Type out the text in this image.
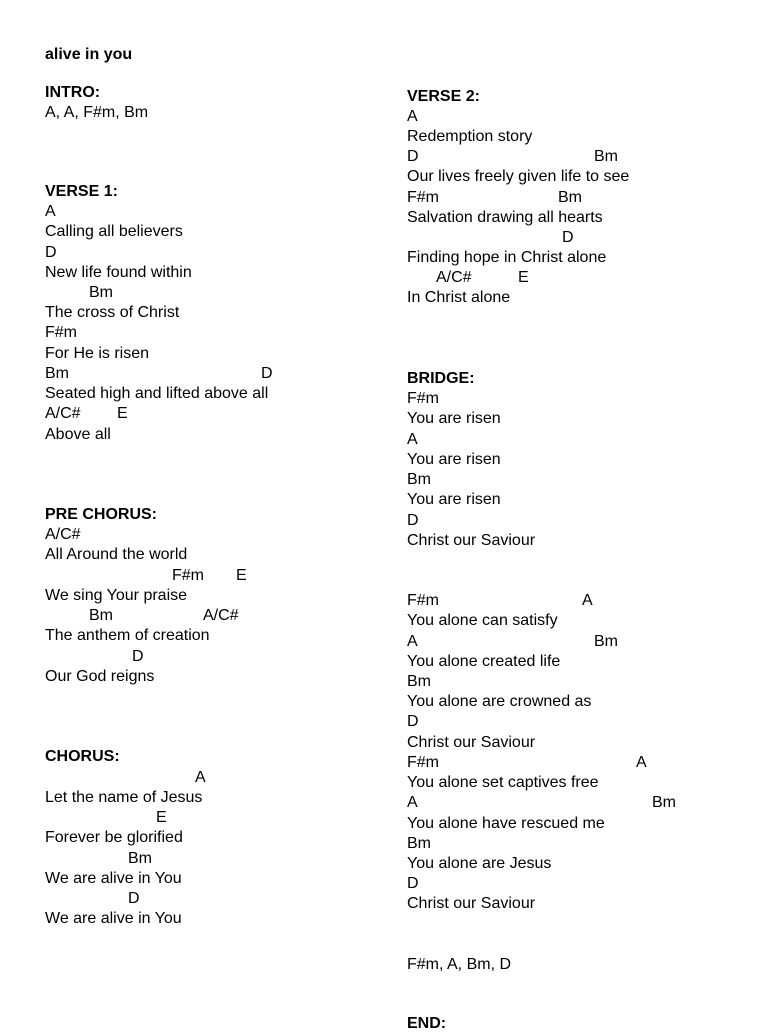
alive in you
INTRO:
A, A, F#m, Bm
VERSE 1:
A
Calling all believers
D
New life found within
Bm
The cross of Christ
F#m
For He is risen
Bm	D
Seated high and lifted above all
A/C# E
Above all
PRE CHORUS:
A/C#
All Around the world
F#m E
We sing Your praise
Bm	A/C#
The anthem of creation
D
Our God reigns
CHORUS:
A
Let the name of Jesus
E
Forever be glorified
Bm
We are alive in You
D
We are alive in You
VERSE 2:
A
Redemption story
D	Bm
Our lives freely given life to see
F#m	Bm
Salvation drawing all hearts
D
Finding hope in Christ alone
A/C#	E
In Christ alone
BRIDGE:
F#m
You are risen
A
You are risen
Bm
You are risen
D
Christ our Saviour
F#m	A
You alone can satisfy
A	Bm
You alone created life
Bm
You alone are crowned as
D
Christ our Saviour
F#m	A
You alone set captives free
A	Bm
You alone have rescued me
Bm
You alone are Jesus
D
Christ our Saviour
F#m, A, Bm, D
END:
